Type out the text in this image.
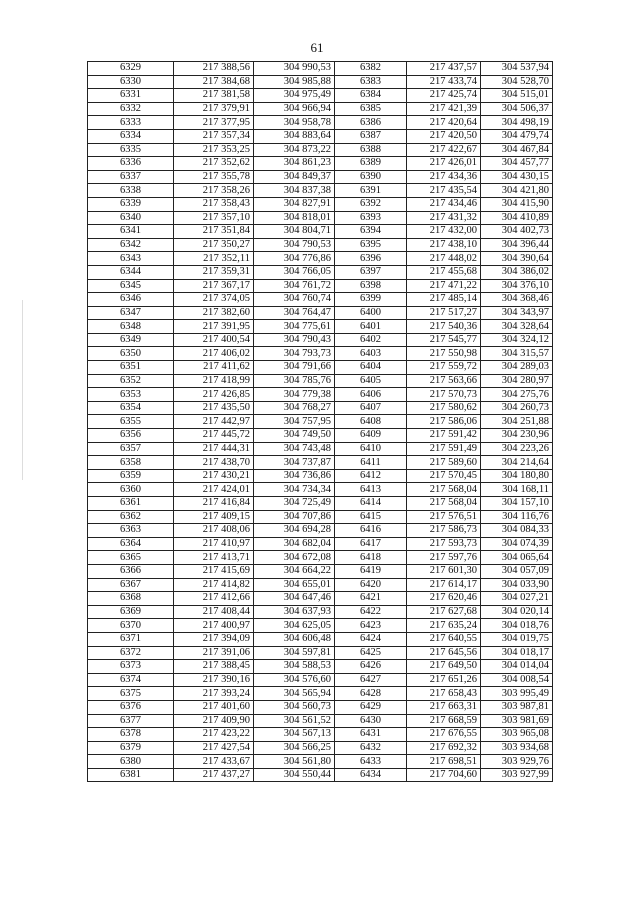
61
6329	217 388,56	304 990,53	6382	217 437,57	304 537,94
6330	217 384,68	304 985,88	6383	217 433,74	304 528,70
6331	217 381,58	304 975,49	6384	217 425,74	304 515,01
6332	217 379,91	304 966,94	6385	217 421,39	304 506,37
6333	217 377,95	304 958,78	6386	217 420,64	304 498,19
6334	217 357,34	304 883,64	6387	217 420,50	304 479,74
6335	217 353,25	304 873,22	6388	217 422,67	304 467,84
6336	217 352,62	304 861,23	6389	217 426,01	304 457,77
6337	217 355,78	304 849,37	6390	217 434,36	304 430,15
6338	217 358,26	304 837,38	6391	217 435,54	304 421,80
6339	217 358,43	304 827,91	6392	217 434,46	304 415,90
6340	217 357,10	304 818,01	6393	217 431,32	304 410,89
6341	217 351,84	304 804,71	6394	217 432,00	304 402,73
6342	217 350,27	304 790,53	6395	217 438,10	304 396,44
6343	217 352,11	304 776,86	6396	217 448,02	304 390,64
6344	217 359,31	304 766,05	6397	217 455,68	304 386,02
6345	217 367,17	304 761,72	6398	217 471,22	304 376,10
6346	217 374,05	304 760,74	6399	217 485,14	304 368,46
6347	217 382,60	304 764,47	6400	217 517,27	304 343,97
6348	217 391,95	304 775,61	6401	217 540,36	304 328,64
6349	217 400,54	304 790,43	6402	217 545,77	304 324,12
6350	217 406,02	304 793,73	6403	217 550,98	304 315,57
6351	217 411,62	304 791,66	6404	217 559,72	304 289,03
6352	217 418,99	304 785,76	6405	217 563,66	304 280,97
6353	217 426,85	304 779,38	6406	217 570,73	304 275,76
6354	217 435,50	304 768,27	6407	217 580,62	304 260,73
6355	217 442,97	304 757,95	6408	217 586,06	304 251,88
6356	217 445,72	304 749,50	6409	217 591,42	304 230,96
6357	217 444,31	304 743,48	6410	217 591,49	304 223,26
6358	217 438,70	304 737,87	6411	217 589,60	304 214,64
6359	217 430,21	304 736,86	6412	217 570,45	304 180,80
6360	217 424,01	304 734,34	6413	217 568,04	304 168,11
6361	217 416,84	304 725,49	6414	217 568,04	304 157,10
6362	217 409,15	304 707,86	6415	217 576,51	304 116,76
6363	217 408,06	304 694,28	6416	217 586,73	304 084,33
6364	217 410,97	304 682,04	6417	217 593,73	304 074,39
6365	217 413,71	304 672,08	6418	217 597,76	304 065,64
6366	217 415,69	304 664,22	6419	217 601,30	304 057,09
6367	217 414,82	304 655,01	6420	217 614,17	304 033,90
6368	217 412,66	304 647,46	6421	217 620,46	304 027,21
6369	217 408,44	304 637,93	6422	217 627,68	304 020,14
6370	217 400,97	304 625,05	6423	217 635,24	304 018,76
6371	217 394,09	304 606,48	6424	217 640,55	304 019,75
6372	217 391,06	304 597,81	6425	217 645,56	304 018,17
6373	217 388,45	304 588,53	6426	217 649,50	304 014,04
6374	217 390,16	304 576,60	6427	217 651,26	304 008,54
6375	217 393,24	304 565,94	6428	217 658,43	303 995,49
6376	217 401,60	304 560,73	6429	217 663,31	303 987,81
6377	217 409,90	304 561,52	6430	217 668,59	303 981,69
6378	217 423,22	304 567,13	6431	217 676,55	303 965,08
6379	217 427,54	304 566,25	6432	217 692,32	303 934,68
6380	217 433,67	304 561,80	6433	217 698,51	303 929,76
6381	217 437,27	304 550,44	6434	217 704,60	303 927,99
